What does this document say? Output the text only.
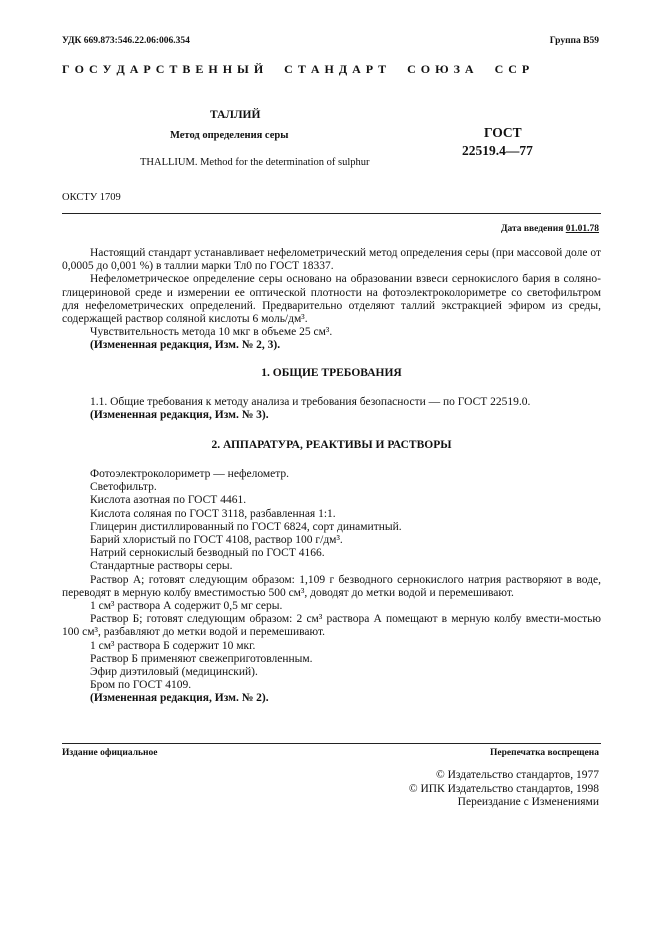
УДК 669.873:546.22.06:006.354	Группа В59
Г О С У Д А Р С Т В Е Н Н Ы Й     С Т А Н Д А Р Т     С О Ю З А     С С Р
ТАЛЛИЙ
Метод определения серы
THALLIUM. Method for the determination of sulphur
ГОСТ
22519.4—77
ОКСТУ 1709
Дата введения 01.01.78

Настоящий стандарт устанавливает нефелометрический метод определения серы (при массовой доле от 0,0005 до 0,001 %) в таллии марки Тл0 по ГОСТ 18337.

Нефелометрическое определение серы основано на образовании взвеси сернокислого бария в соляно-глицериновой среде и измерении ее оптической плотности на фотоэлектроколориметре со светофильтром для нефелометрических определений. Предварительно отделяют таллий экстракцией эфиром из среды, содержащей раствор соляной кислоты 6 моль/дм³.

Чувствительность метода 10 мкг в объеме 25 см³.

(Измененная редакция, Изм. № 2, 3).

1. ОБЩИЕ ТРЕБОВАНИЯ

1.1. Общие требования к методу анализа и требования безопасности — по ГОСТ 22519.0.

(Измененная редакция, Изм. № 3).

2. АППАРАТУРА, РЕАКТИВЫ И РАСТВОРЫ

Фотоэлектроколориметр — нефелометр.

Светофильтр.

Кислота азотная по ГОСТ 4461.

Кислота соляная по ГОСТ 3118, разбавленная 1:1.

Глицерин дистиллированный по ГОСТ 6824, сорт динамитный.

Барий хлористый по ГОСТ 4108, раствор 100 г/дм³.

Натрий сернокислый безводный по ГОСТ 4166.

Стандартные растворы серы.

Раствор А; готовят следующим образом: 1,109 г безводного сернокислого натрия растворяют в воде, переводят в мерную колбу вместимостью 500 см³, доводят до метки водой и перемешивают.

1 см³ раствора А содержит 0,5 мг серы.

Раствор Б; готовят следующим образом: 2 см³ раствора А помещают в мерную колбу вмести-мостью 100 см³, разбавляют до метки водой и перемешивают.

1 см³ раствора Б содержит 10 мкг.

Раствор Б применяют свежеприготовленным.

Эфир диэтиловый (медицинский).

Бром по ГОСТ 4109.

(Измененная редакция, Изм. № 2).

Издание официальное	Перепечатка воспрещена
© Издательство стандартов, 1977
© ИПК Издательство стандартов, 1998
Переиздание с Изменениями
